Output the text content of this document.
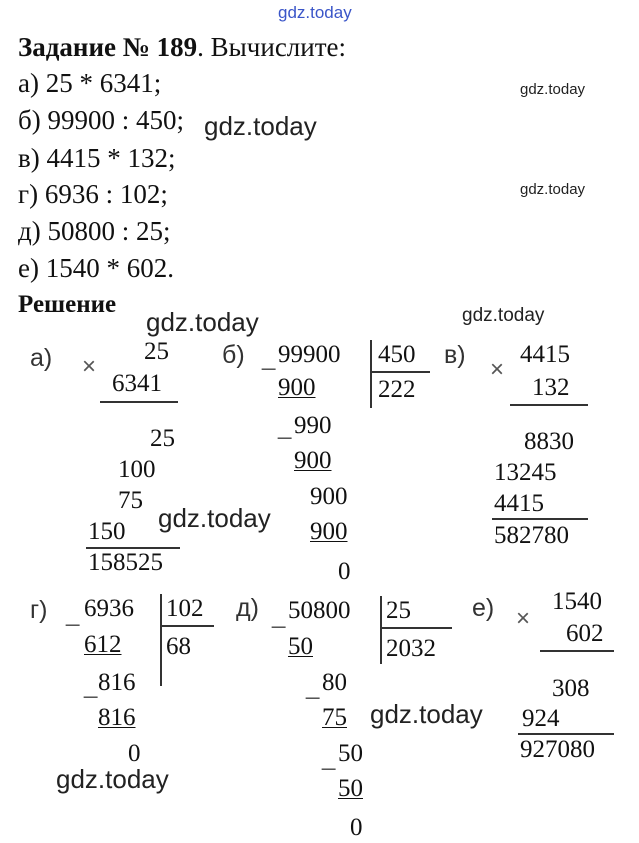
gdz.today
gdz.today
gdz.today
gdz.today
gdz.today	gdz.today
gdz.today
gdz.today
gdz.today
Задание № 189. Вычислите:
а) 25 * 6341;
б) 99900 : 450;
в) 4415 * 132;
г) 6936 : 102;
д) 50800 : 25;
е) 1540 * 602.
Решение
а) ×
25
6341
25
100
75
150
158525
б) _ 99900 450
222
900
_ 990
900
900
900
0
в)
×
4415
132
8830
13245
4415
582780
г) _ 6936 102
68
612
_ 816
816
0
д) _ 50800 25
2032
50
_ 80
75
_ 50
50
0
е) ×
1540
602
308
924
927080
